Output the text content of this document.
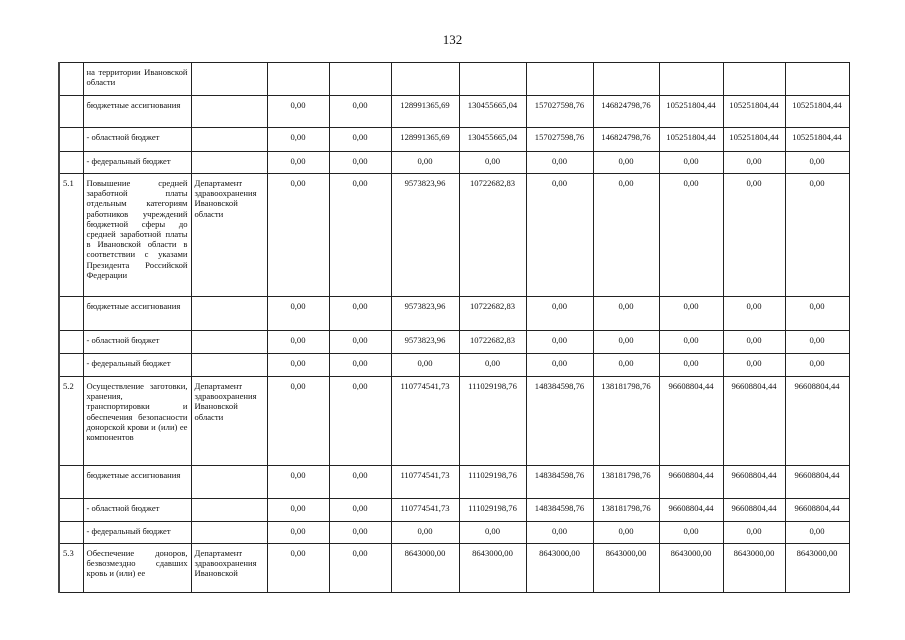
132
	на территории Ивановской области										
	бюджетные ассигнования		0,00	0,00	128991365,69	130455665,04	157027598,76	146824798,76	105251804,44	105251804,44	105251804,44
	- областной бюджет		0,00	0,00	128991365,69	130455665,04	157027598,76	146824798,76	105251804,44	105251804,44	105251804,44
	- федеральный бюджет		0,00	0,00	0,00	0,00	0,00	0,00	0,00	0,00	0,00
5.1	Повышение средней заработной платы отдельным категориям работников учреждений бюджетной сферы до средней заработной платы в Ивановской области в соответствии с указами Президента Российской Федерации	Департамент здравоохранения Ивановской области	0,00	0,00	9573823,96	10722682,83	0,00	0,00	0,00	0,00	0,00
	бюджетные ассигнования		0,00	0,00	9573823,96	10722682,83	0,00	0,00	0,00	0,00	0,00
	- областной бюджет		0,00	0,00	9573823,96	10722682,83	0,00	0,00	0,00	0,00	0,00
	- федеральный бюджет		0,00	0,00	0,00	0,00	0,00	0,00	0,00	0,00	0,00
5.2	Осуществление заготовки, хранения, транспортировки и обеспечения безопасности донорской крови и (или) ее компонентов	Департамент здравоохранения Ивановской области	0,00	0,00	110774541,73	111029198,76	148384598,76	138181798,76	96608804,44	96608804,44	96608804,44
	бюджетные ассигнования		0,00	0,00	110774541,73	111029198,76	148384598,76	138181798,76	96608804,44	96608804,44	96608804,44
	- областной бюджет		0,00	0,00	110774541,73	111029198,76	148384598,76	138181798,76	96608804,44	96608804,44	96608804,44
	- федеральный бюджет		0,00	0,00	0,00	0,00	0,00	0,00	0,00	0,00	0,00
5.3	Обеспечение доноров, безвозмездно сдавших кровь и (или) ее	Департамент здравоохранения Ивановской	0,00	0,00	8643000,00	8643000,00	8643000,00	8643000,00	8643000,00	8643000,00	8643000,00
